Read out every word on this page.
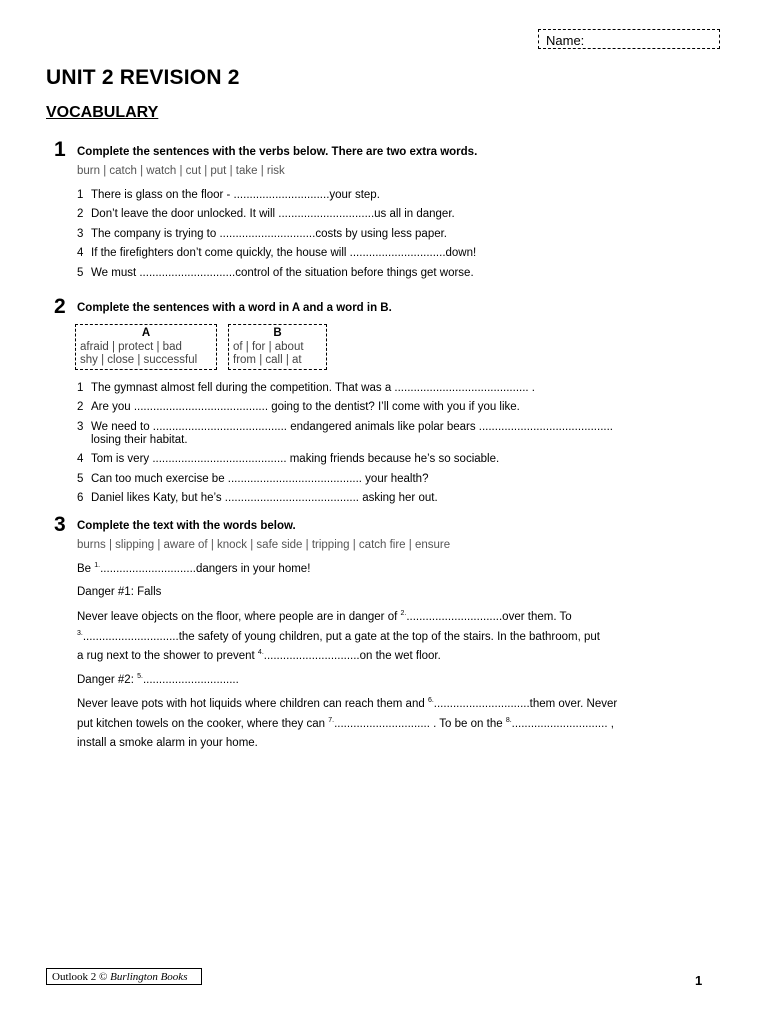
Name:
UNIT 2 REVISION 2
VOCABULARY
1 Complete the sentences with the verbs below. There are two extra words.
burn | catch | watch | cut | put | take | risk
1 There is glass on the floor - ..............................your step.
2 Don’t leave the door unlocked. It will ..............................us all in danger.
3 The company is trying to ..............................costs by using less paper.
4 If the firefighters don’t come quickly, the house will ..............................down!
5 We must ..............................control of the situation before things get worse.
2 Complete the sentences with a word in A and a word in B.
A
afraid | protect | bad
shy | close | successful
B
of | for | about
from | call | at
1 The gymnast almost fell during the competition. That was a .......................................... .
2 Are you .......................................... going to the dentist? I’ll come with you if you like.
3 We need to .......................................... endangered animals like polar bears ..........................................
losing their habitat.
4 Tom is very .......................................... making friends because he’s so sociable.
5 Can too much exercise be .......................................... your health?
6 Daniel likes Katy, but he’s .......................................... asking her out.
3 Complete the text with the words below.
burns | slipping | aware of | knock | safe side | tripping | catch fire | ensure
Be $^{1.}$..............................dangers in your home!
Danger #1: Falls
Never leave objects on the floor, where people are in danger of $^{2.}$..............................over them. To
$^{3.}$..............................the safety of young children, put a gate at the top of the stairs. In the bathroom, put
a rug next to the shower to prevent $^{4.}$..............................on the wet floor.
Danger #2: $^{5.}$..............................
Never leave pots with hot liquids where children can reach them and $^{6.}$..............................them over. Never
put kitchen towels on the cooker, where they can $^{7.}$.............................. . To be on the $^{8.}$.............................. ,
install a smoke alarm in your home.
Outlook 2 © Burlington Books	1
